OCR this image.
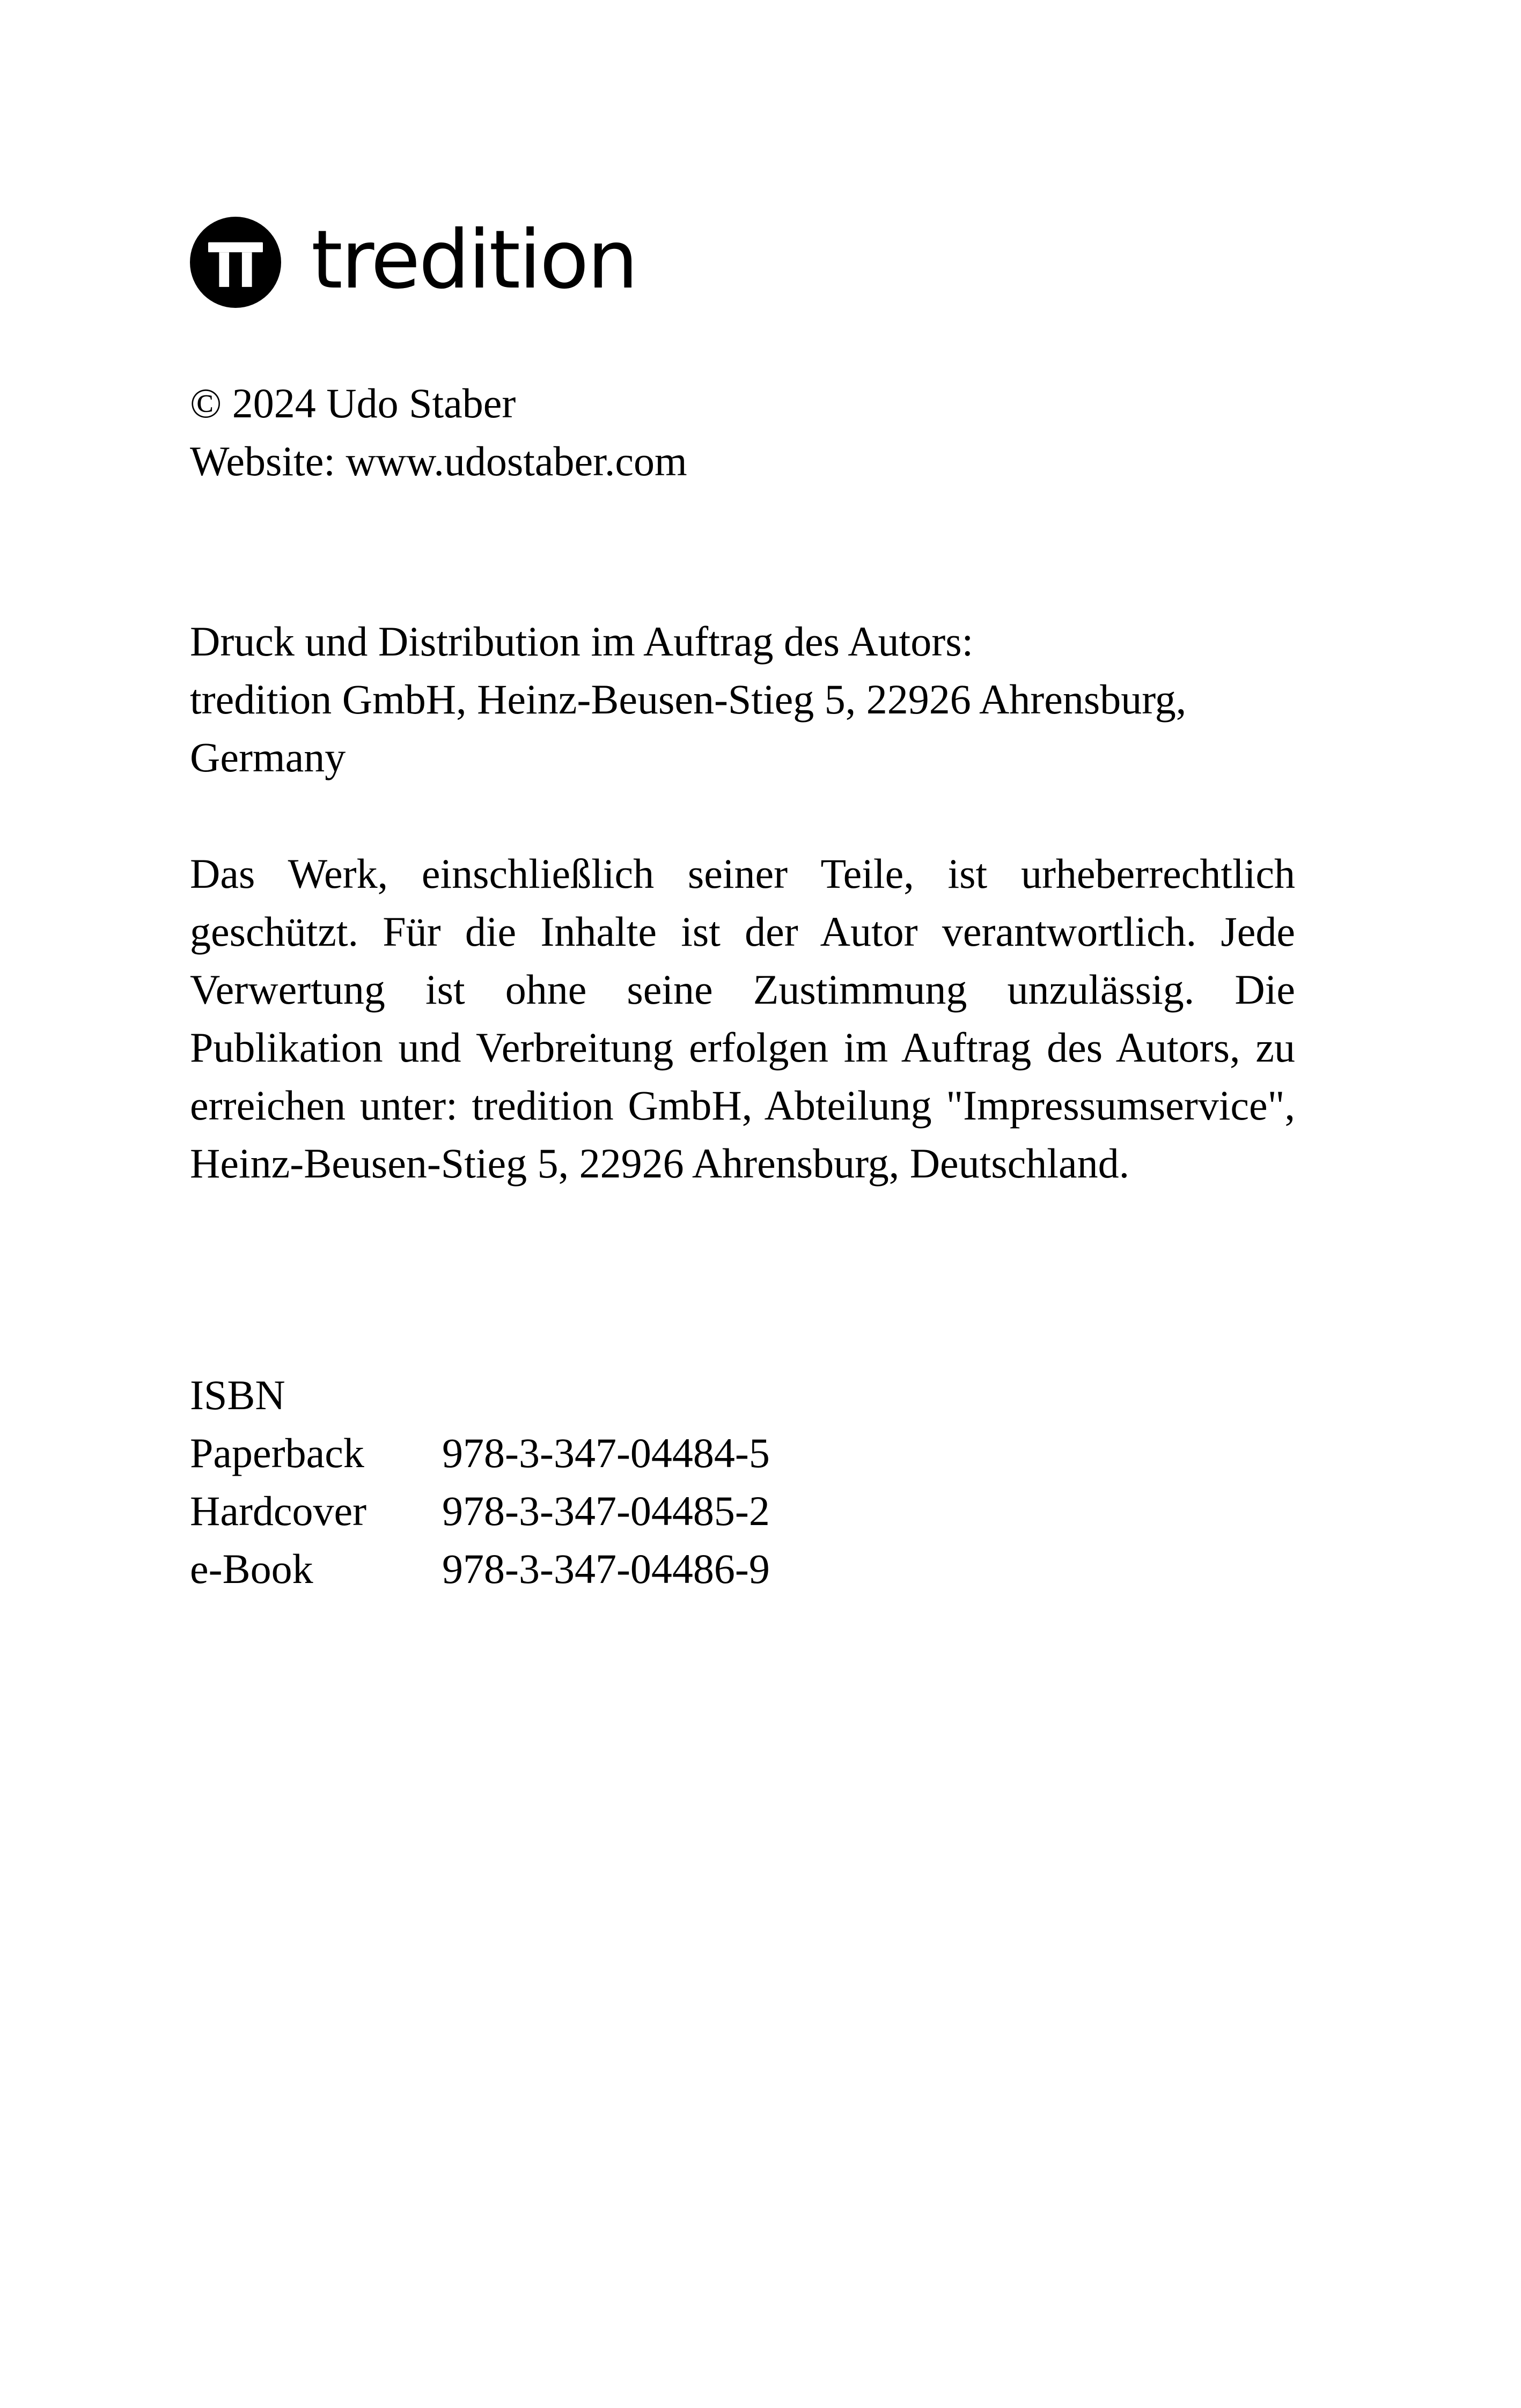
T tredition

© 2024 Udo Staber

Website: www.udostaber.com

Druck und Distribution im Auftrag des Autors:

tredition GmbH, Heinz-Beusen-Stieg 5, 22926 Ahrensburg,

Germany

Das Werk, einschließlich seiner Teile, ist urheberrechtlich geschützt. Für die Inhalte ist der Autor verantwortlich. Jede Verwertung ist ohne seine Zustimmung unzulässig. Die Publikation und Verbreitung erfolgen im Auftrag des Autors, zu erreichen unter: tredition GmbH, Abteilung "Impressumservice", Heinz-Beusen-Stieg 5, 22926 Ahrensburg, Deutschland.

ISBN

Paperback	978-3-347-04484-5
Hardcover	978-3-347-04485-2
e-Book	978-3-347-04486-9
